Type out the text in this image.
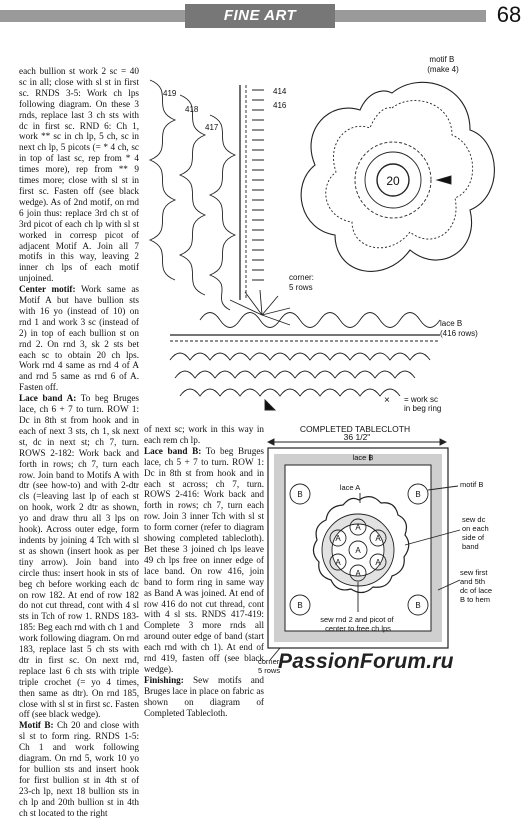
FINE ART CROCHET
68

each bullion st work 2 sc = 40 sc in all; close with sl st in first sc. RNDS 3-5: Work ch lps following diagram. On these 3 rnds, replace last 3 ch sts with dc in first sc. RND 6: Ch 1, work ** sc in ch lp, 5 ch, sc in next ch lp, 5 picots (= * 4 ch, sc in top of last sc, rep from * 4 times more), rep from ** 9 times more; close with sl st in first sc. Fasten off (see black wedge). As of 2nd motif, on rnd 6 join thus: replace 3rd ch st of 3rd picot of each ch lp with sl st worked in corresp picot of adjacent Motif A. Join all 7 motifs in this way, leaving 2 inner ch lps of each motif unjoined.

Center motif: Work same as Motif A but have bullion sts with 16 yo (instead of 10) on rnd 1 and work 3 sc (instead of 2) in top of each bullion st on rnd 2. On rnd 3, sk 2 sts bet each sc to obtain 20 ch lps. Work rnd 4 same as rnd 4 of A and rnd 5 same as rnd 6 of A. Fasten off.

Lace band A: To beg Bruges lace, ch 6 + 7 to turn. ROW 1: Dc in 8th st from hook and in each of next 3 sts, ch 1, sk next st, dc in next st; ch 7, turn. ROWS 2-182: Work back and forth in rows; ch 7, turn each row. Join band to Motifs A with dtr (see how-to) and with 2-dtr cls (=leaving last lp of each st on hook, work 2 dtr as shown, yo and draw thru all 3 lps on hook). Across outer edge, form indents by joining 4 Tch with sl st as shown (insert hook as per tiny arrow). Join band into circle thus: insert hook in sts of beg ch before working each dc on row 182. At end of row 182 do not cut thread, cont with 4 sl sts in Tch of row 1. RNDS 183-185: Beg each rnd with ch 1 and work following diagram. On rnd 183, replace last 5 ch sts with dtr in first sc. On next rnd, replace last 6 ch sts with triple triple crochet (= yo 4 times, then same as dtr). On rnd 185, close with sl st in first sc. Fasten off (see black wedge).

Motif B: Ch 20 and close with sl st to form ring. RNDS 1-5: Ch 1 and work following diagram. On rnd 5, work 10 yo for bullion sts and insert hook for first bullion st in 4th st of 23-ch lp, next 18 bullion sts in ch lp and 20th bullion st in 4th ch st located to the right

of next sc; work in this way in each rem ch lp.

Lace band B: To beg Bruges lace, ch 5 + 7 to turn. ROW 1: Dc in 8th st from hook and in each st across; ch 7, turn. ROWS 2-416: Work back and forth in rows; ch 7, turn each row. Join 3 inner Tch with sl st to form corner (refer to diagram showing completed tablecloth). Bet these 3 joined ch lps leave 49 ch lps free on inner edge of lace band. On row 416, join band to form ring in same way as Band A was joined. At end of row 416 do not cut thread, cont with 4 sl sts. RNDS 417-419: Complete 3 more rnds all around outer edge of band (start each rnd with ch 1). At end of rnd 419, fasten off (see black wedge).

Finishing: Sew motifs and Bruges lace in place on fabric as shown on diagram of Completed Tablecloth.

20
motif B (make 4)
419
418
417
416
414
corner: 5 rows
lace B (416 rows)
× = work sc in beg ring
COMPLETED TABLECLOTH
36 1/2"
B	B
B	B
A
A
A
A
A
A
A
lace B
lace A	motif B
sew dc on each side of band
sew first and 5th dc of lace B to hem
sew rnd 2 and picot of center to free ch lps
corner: 5 rows
PassionForum.ru
